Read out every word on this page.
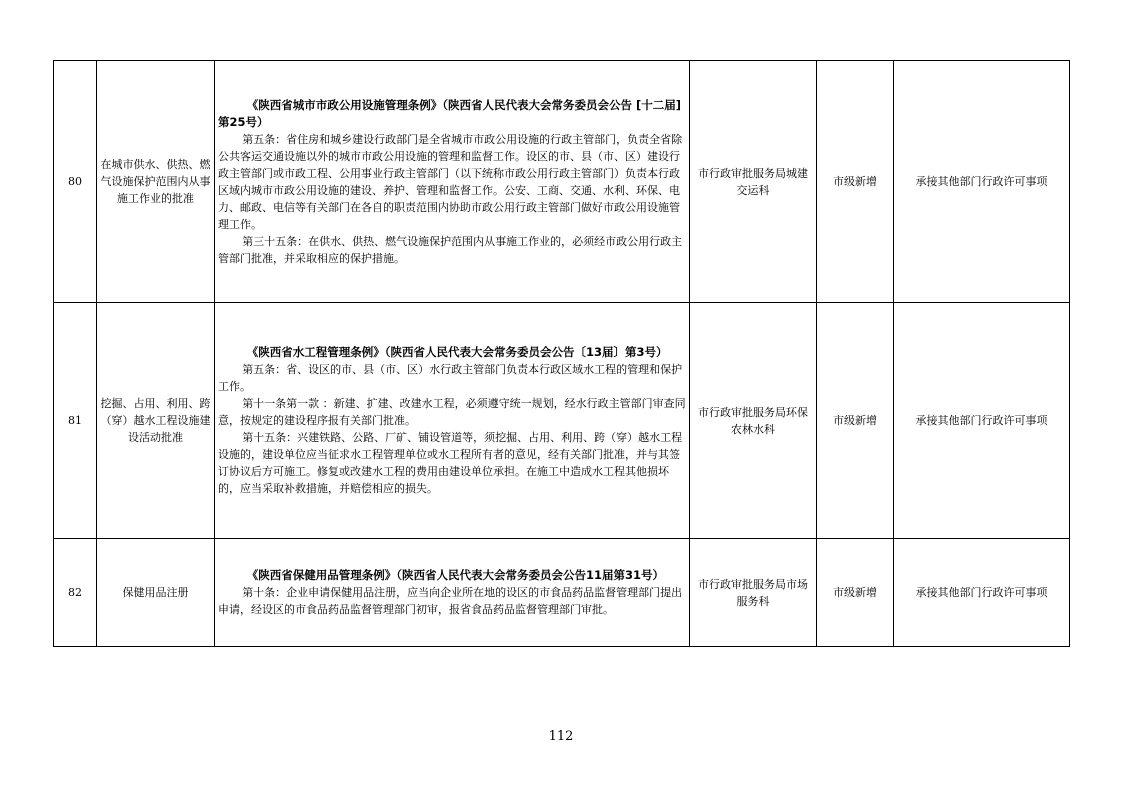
80	在城市供水、供热、燃气设施保护范围内从事施工作业的批准	《陕西省城市市政公用设施管理条例》（陕西省人民代表大会常务委员会公告 [十二届] 第25号）
第五条：省住房和城乡建设行政部门是全省城市市政公用设施的行政主管部门，负责全省除公共客运交通设施以外的城市市政公用设施的管理和监督工作。设区的市、县（市、区）建设行政主管部门或市政工程、公用事业行政主管部门（以下统称市政公用行政主管部门）负责本行政区域内城市市政公用设施的建设、养护、管理和监督工作。公安、工商、交通、水利、环保、电力、邮政、电信等有关部门在各自的职责范围内协助市政公用行政主管部门做好市政公用设施管理工作。
第三十五条：在供水、供热、燃气设施保护范围内从事施工作业的，必须经市政公用行政主管部门批准，并采取相应的保护措施。	市行政审批服务局城建交运科	市级新增	承接其他部门行政许可事项
81	挖掘、占用、利用、跨（穿）越水工程设施建设活动批准	《陕西省水工程管理条例》（陕西省人民代表大会常务委员会公告〔13届〕第3号）
第五条：省、设区的市、县（市、区）水行政主管部门负责本行政区域水工程的管理和保护工作。
第十一条第一款 ：新建、扩建、改建水工程，必须遵守统一规划，经水行政主管部门审查同意，按规定的建设程序报有关部门批准。
第十五条：兴建铁路、公路、厂矿、铺设管道等，须挖掘、占用、利用、跨（穿）越水工程设施的，建设单位应当征求水工程管理单位或水工程所有者的意见，经有关部门批准，并与其签订协议后方可施工。修复或改建水工程的费用由建设单位承担。在施工中造成水工程其他损坏的，应当采取补救措施，并赔偿相应的损失。	市行政审批服务局环保农林水科	市级新增	承接其他部门行政许可事项
82	保健用品注册	《陕西省保健用品管理条例》（陕西省人民代表大会常务委员会公告11届第31号）
第十条：企业申请保健用品注册，应当向企业所在地的设区的市食品药品监督管理部门提出申请，经设区的市食品药品监督管理部门初审，报省食品药品监督管理部门审批。	市行政审批服务局市场服务科	市级新增	承接其他部门行政许可事项
112
